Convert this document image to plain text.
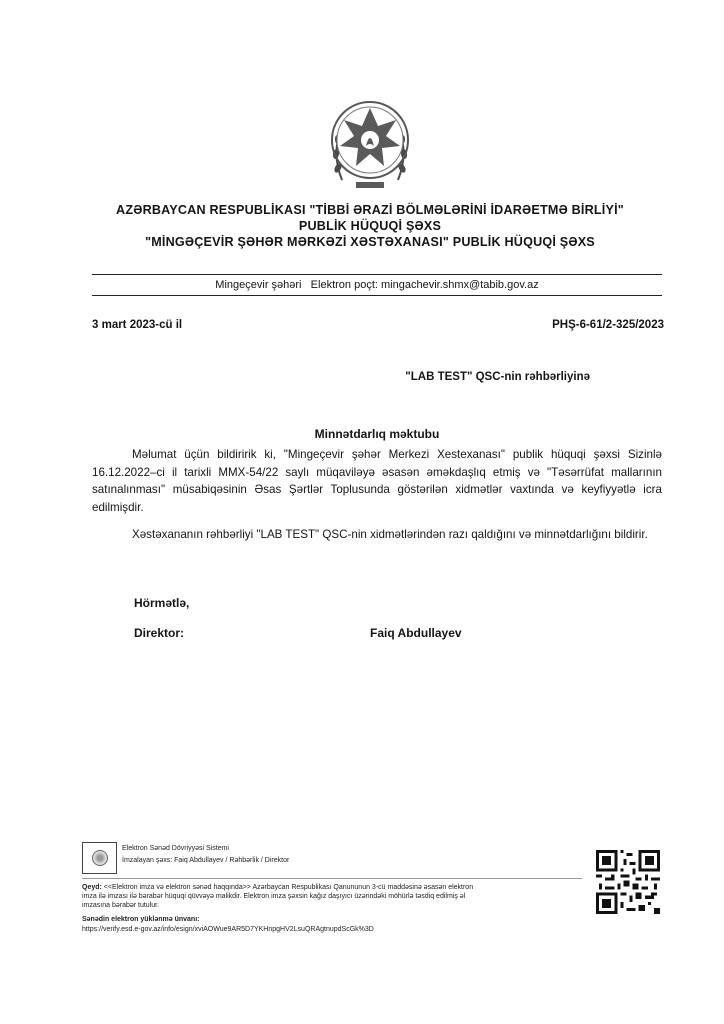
AZƏRBAYCAN RESPUBLİKASI "TİBBİ ƏRAZİ BÖLMƏLƏRİNİ İDARƏETMƏ BİRLİYİ"
PUBLİK HÜQUQİ ŞƏXS
"MİNGƏÇEVİR ŞƏHƏR MƏRKƏZİ XƏSTƏXANASI" PUBLİK HÜQUQİ ŞƏXS
Mingeçevir şəhəri Elektron poçt: mingachevir.shmx@tabib.gov.az
3 mart 2023-cü il	PHŞ-6-61/2-325/2023
"LAB TEST" QSC-nin rəhbərliyinə
Minnətdarlıq məktubu
Məlumat üçün bildiririk ki, "Mingeçevir şəhər Merkezi Xestexanası" publik hüquqi şəxsi Sizinlə 16.12.2022–ci il tarixli MMX-54/22 saylı müqaviləyə əsasən əməkdaşlıq etmiş və "Təsərrüfat mallarının satınalınması" müsabiqəsinin Əsas Şərtlər Toplusunda göstərilən xidmətlər vaxtında və keyfiyyətlə icra edilmişdir.
Xəstəxananın rəhbərliyi "LAB TEST" QSC-nin xidmətlərindən razı qaldığını və minnətdarlığını bildirir.
Hörmətlə,
Direktor:	Faiq Abdullayev
Elektron Sənəd Dövriyyəsi Sistemi
İmzalayan şəxs: Faiq Abdullayev / Rəhbərlik / Direktor
Qeyd: <<Elektron imza və elektron sənəd haqqında>> Azərbaycan Respublikası Qanununun 3-cü maddəsinə əsasən elektron imza ilə imzası ilə bərabər hüquqi qüvvəyə malikdir. Elektron imza şəxsin kağız daşıyıcı üzərindəki möhürlə təsdiq edilmiş əl imzasına bərabər tutulur.
Sənədin elektron yüklənmə ünvanı:
https://verify.esd.e-gov.az/info/esign/xviAOWue9AR5D7YKHnpgHV2LsuQRAgtnupdScGk%3D
